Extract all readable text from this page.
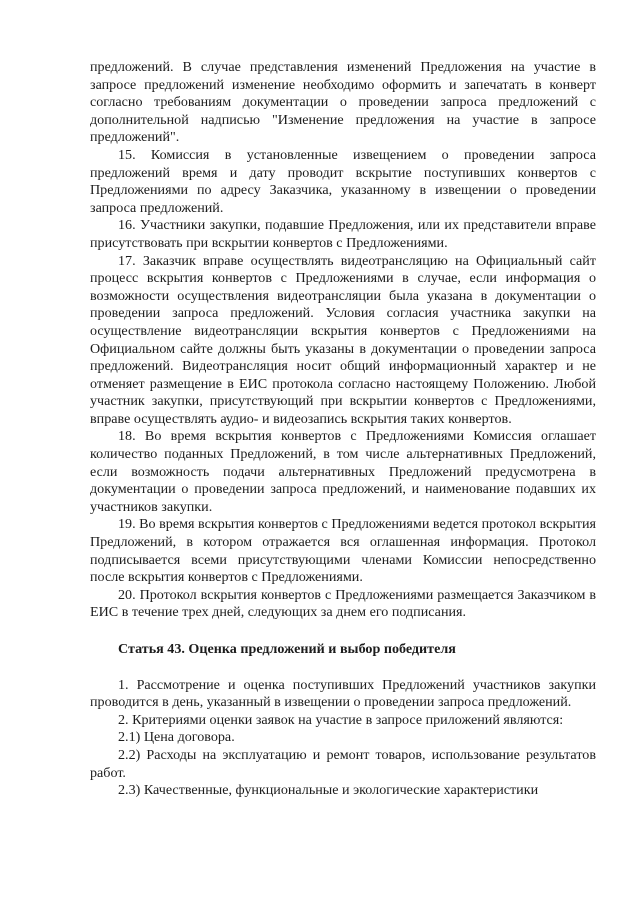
предложений. В случае представления изменений Предложения на участие в запросе предложений изменение необходимо оформить и запечатать в конверт согласно требованиям документации о проведении запроса предложений с дополнительной надписью "Изменение предложения на участие в запросе предложений".

15. Комиссия в установленные извещением о проведении запроса предложений время и дату проводит вскрытие поступивших конвертов с Предложениями по адресу Заказчика, указанному в извещении о проведении запроса предложений.

16. Участники закупки, подавшие Предложения, или их представители вправе присутствовать при вскрытии конвертов с Предложениями.

17. Заказчик вправе осуществлять видеотрансляцию на Официальный сайт процесс вскрытия конвертов с Предложениями в случае, если информация о возможности осуществления видеотрансляции была указана в документации о проведении запроса предложений. Условия согласия участника закупки на осуществление видеотрансляции вскрытия конвертов с Предложениями на Официальном сайте должны быть указаны в документации о проведении запроса предложений. Видеотрансляция носит общий информационный характер и не отменяет размещение в ЕИС протокола согласно настоящему Положению. Любой участник закупки, присутствующий при вскрытии конвертов с Предложениями, вправе осуществлять аудио- и видеозапись вскрытия таких конвертов.

18. Во время вскрытия конвертов с Предложениями Комиссия оглашает количество поданных Предложений, в том числе альтернативных Предложений, если возможность подачи альтернативных Предложений предусмотрена в документации о проведении запроса предложений, и наименование подавших их участников закупки.

19. Во время вскрытия конвертов с Предложениями ведется протокол вскрытия Предложений, в котором отражается вся оглашенная информация. Протокол подписывается всеми присутствующими членами Комиссии непосредственно после вскрытия конвертов с Предложениями.

20. Протокол вскрытия конвертов с Предложениями размещается Заказчиком в ЕИС в течение трех дней, следующих за днем его подписания.

Статья 43. Оценка предложений и выбор победителя

1. Рассмотрение и оценка поступивших Предложений участников закупки проводится в день, указанный в извещении о проведении запроса предложений.

2. Критериями оценки заявок на участие в запросе приложений являются:

2.1) Цена договора.

2.2) Расходы на эксплуатацию и ремонт товаров, использование результатов работ.

2.3) Качественные, функциональные и экологические характеристики
